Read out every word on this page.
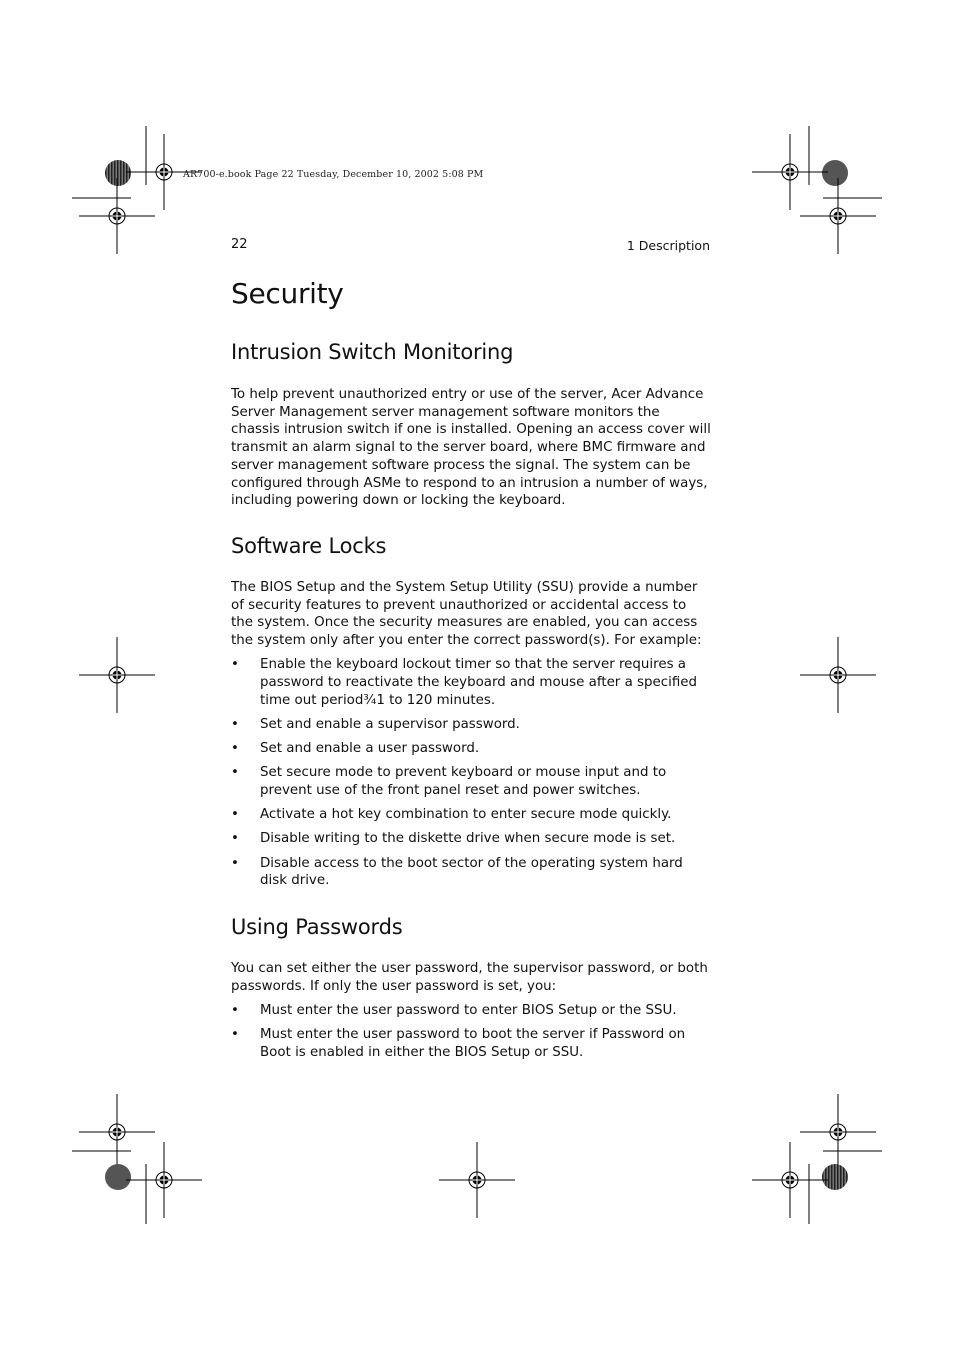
AR700-e.book Page 22 Tuesday, December 10, 2002 5:08 PM
22	1 Description
Security
Intrusion Switch Monitoring

To help prevent unauthorized entry or use of the server, Acer Advance Server Management server management software monitors the chassis intrusion switch if one is installed. Opening an access cover will transmit an alarm signal to the server board, where BMC firmware and server management software process the signal. The system can be configured through ASMe to respond to an intrusion a number of ways, including powering down or locking the keyboard.

Software Locks

The BIOS Setup and the System Setup Utility (SSU) provide a number of security features to prevent unauthorized or accidental access to the system. Once the security measures are enabled, you can access the system only after you enter the correct password(s). For example:

• Enable the keyboard lockout timer so that the server requires a password to reactivate the keyboard and mouse after a specified time out period¾1 to 120 minutes.
• Set and enable a supervisor password.
• Set and enable a user password.
• Set secure mode to prevent keyboard or mouse input and to prevent use of the front panel reset and power switches.
• Activate a hot key combination to enter secure mode quickly.
• Disable writing to the diskette drive when secure mode is set.
• Disable access to the boot sector of the operating system hard disk drive.
Using Passwords

You can set either the user password, the supervisor password, or both passwords. If only the user password is set, you:

• Must enter the user password to enter BIOS Setup or the SSU.
• Must enter the user password to boot the server if Password on Boot is enabled in either the BIOS Setup or SSU.
